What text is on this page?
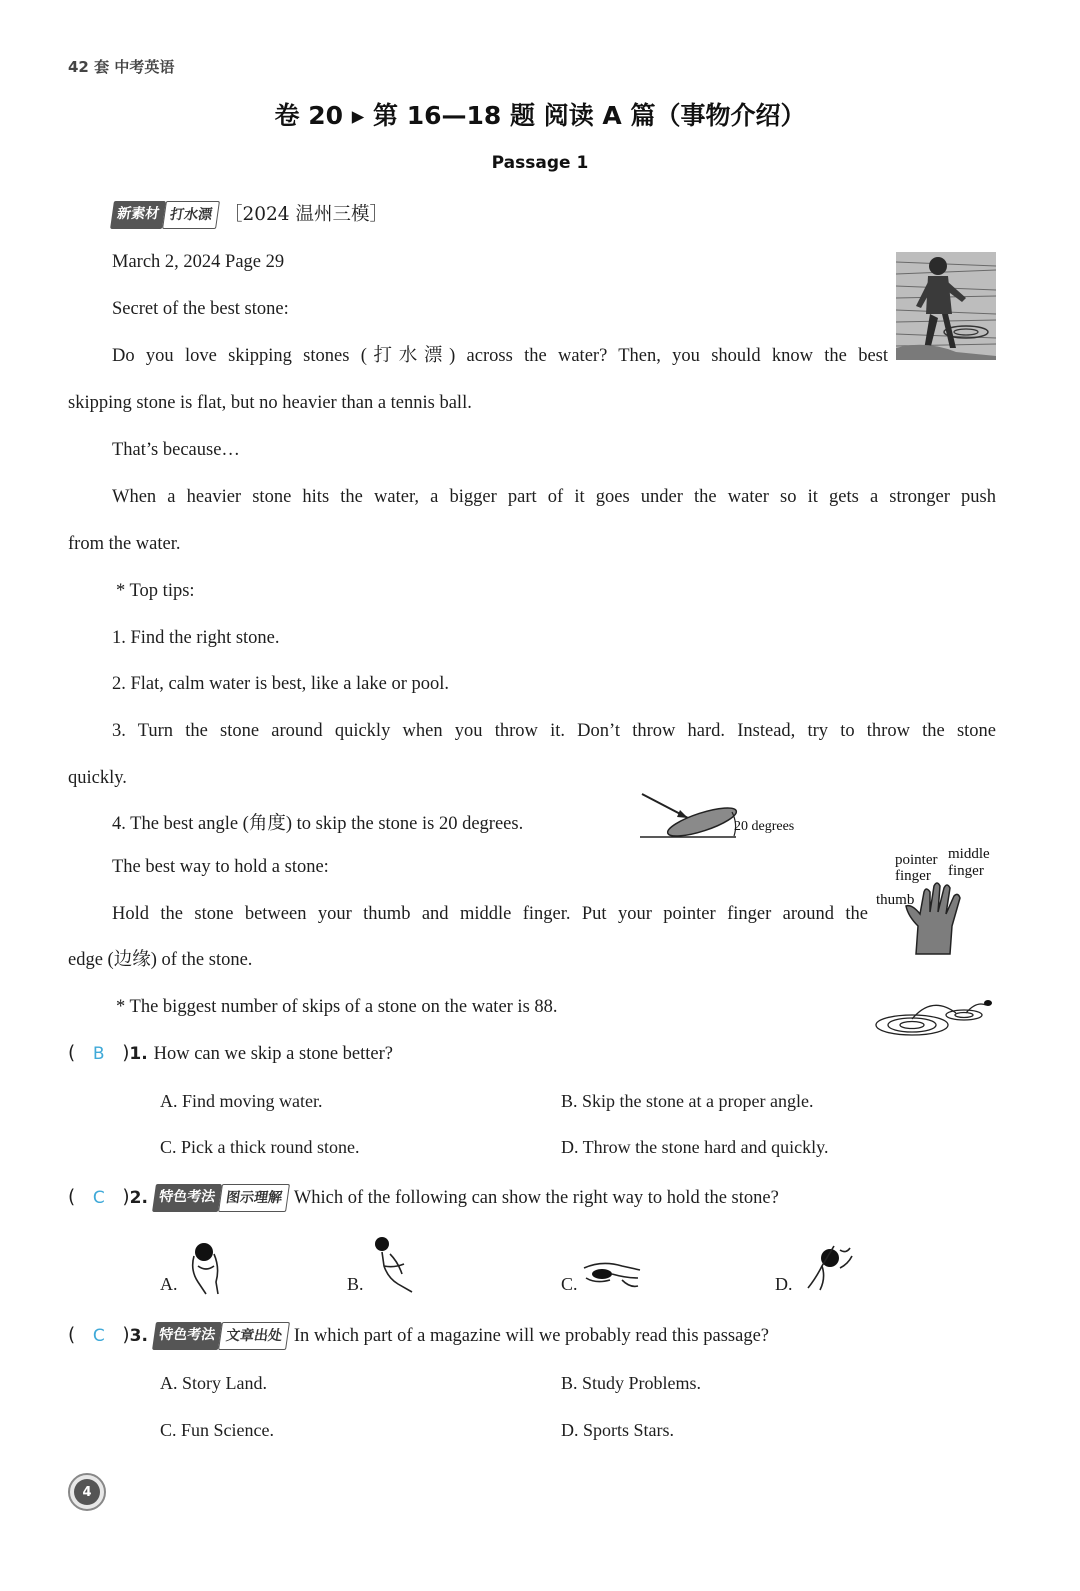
42 套 中考英语
卷 20 ▸ 第 16—18 题 阅读 A 篇（事物介绍）
Passage 1
新素材 打水漂 ［2024 温州三模］
March 2, 2024 Page 29
Secret of the best stone:
Do you love skipping stones (打水漂) across the water? Then, you should know the best
skipping stone is flat, but no heavier than a tennis ball.
That’s because…
When a heavier stone hits the water, a bigger part of it goes under the water so it gets a stronger push
from the water.
* Top tips:
1. Find the right stone.
2. Flat, calm water is best, like a lake or pool.
3. Turn the stone around quickly when you throw it. Don’t throw hard. Instead, try to throw the stone
quickly.
4. The best angle (角度) to skip the stone is 20 degrees.
The best way to hold a stone:
Hold the stone between your thumb and middle finger. Put your pointer finger around the
edge (边缘) of the stone.
* The biggest number of skips of a stone on the water is 88.
20 degrees
pointer
finger
middle
finger
thumb
( B )1. How can we skip a stone better?
A. Find moving water.	B. Skip the stone at a proper angle.
C. Pick a thick round stone.	D. Throw the stone hard and quickly.
( C )2. 特色考法 图示理解 Which of the following can show the right way to hold the stone?
A.	B.	C.	D.
( C )3. 特色考法 文章出处 In which part of a magazine will we probably read this passage?
A. Story Land.	B. Study Problems.
C. Fun Science.	D. Sports Stars.
4
